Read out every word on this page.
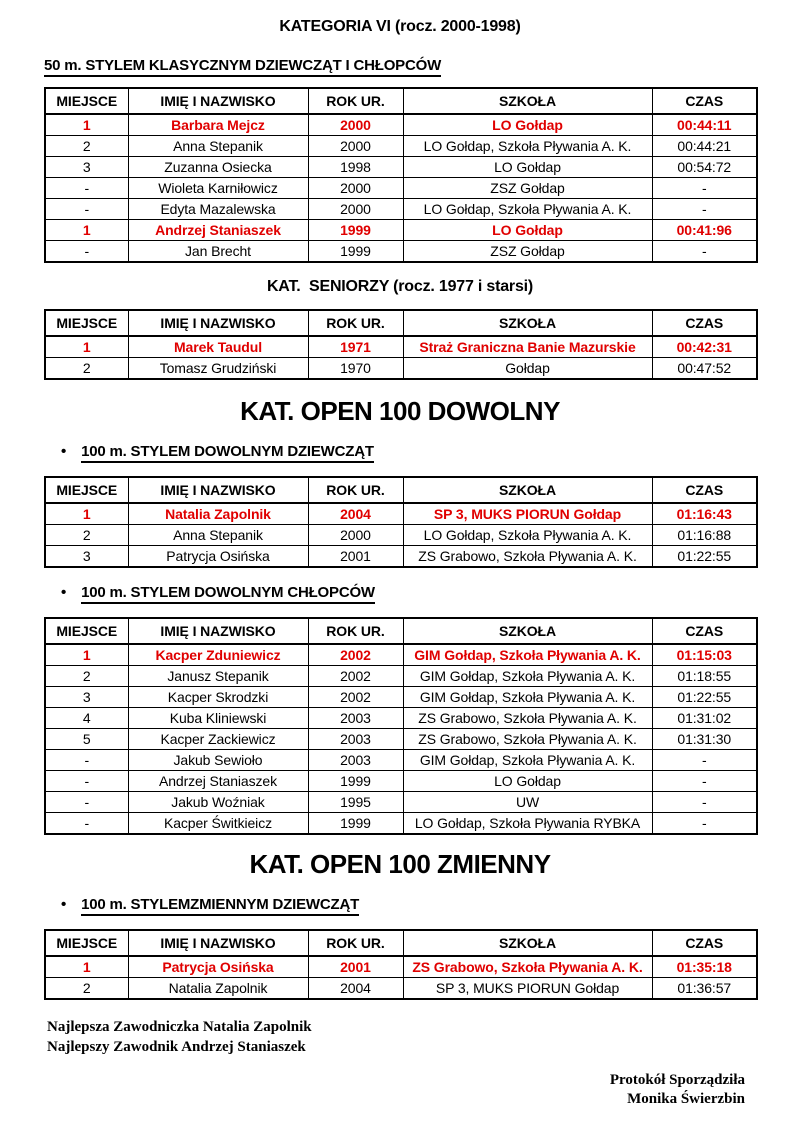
KATEGORIA VI (rocz. 2000-1998)
50 m. STYLEM KLASYCZNYM DZIEWCZĄT I CHŁOPCÓW
MIEJSCE	IMIĘ I NAZWISKO	ROK UR.	SZKOŁA	CZAS
1	Barbara Mejcz	2000	LO Gołdap	00:44:11
2	Anna Stepanik	2000	LO Gołdap, Szkoła Pływania A. K.	00:44:21
3	Zuzanna Osiecka	1998	LO Gołdap	00:54:72
-	Wioleta Karniłowicz	2000	ZSZ Gołdap	-
-	Edyta Mazalewska	2000	LO Gołdap, Szkoła Pływania A. K.	-
1	Andrzej Staniaszek	1999	LO Gołdap	00:41:96
-	Jan Brecht	1999	ZSZ Gołdap	-
KAT.  SENIORZY (rocz. 1977 i starsi)
MIEJSCE	IMIĘ I NAZWISKO	ROK UR.	SZKOŁA	CZAS
1	Marek Taudul	1971	Straż Graniczna Banie Mazurskie	00:42:31
2	Tomasz Grudziński	1970	Gołdap	00:47:52
KAT. OPEN 100 DOWOLNY
• 100 m. STYLEM DOWOLNYM DZIEWCZĄT
MIEJSCE	IMIĘ I NAZWISKO	ROK UR.	SZKOŁA	CZAS
1	Natalia Zapolnik	2004	SP 3, MUKS PIORUN Gołdap	01:16:43
2	Anna Stepanik	2000	LO Gołdap, Szkoła Pływania A. K.	01:16:88
3	Patrycja Osińska	2001	ZS Grabowo, Szkoła Pływania A. K.	01:22:55
• 100 m. STYLEM DOWOLNYM CHŁOPCÓW
MIEJSCE	IMIĘ I NAZWISKO	ROK UR.	SZKOŁA	CZAS
1	Kacper Zduniewicz	2002	GIM Gołdap, Szkoła Pływania A. K.	01:15:03
2	Janusz Stepanik	2002	GIM Gołdap, Szkoła Pływania A. K.	01:18:55
3	Kacper Skrodzki	2002	GIM Gołdap, Szkoła Pływania A. K.	01:22:55
4	Kuba Kliniewski	2003	ZS Grabowo, Szkoła Pływania A. K.	01:31:02
5	Kacper Zackiewicz	2003	ZS Grabowo, Szkoła Pływania A. K.	01:31:30
-	Jakub Sewioło	2003	GIM Gołdap, Szkoła Pływania A. K.	-
-	Andrzej Staniaszek	1999	LO Gołdap	-
-	Jakub Woźniak	1995	UW	-
-	Kacper Świtkieicz	1999	LO Gołdap, Szkoła Pływania RYBKA	-
KAT. OPEN 100 ZMIENNY
• 100 m. STYLEMZMIENNYM DZIEWCZĄT
MIEJSCE	IMIĘ I NAZWISKO	ROK UR.	SZKOŁA	CZAS
1	Patrycja Osińska	2001	ZS Grabowo, Szkoła Pływania A. K.	01:35:18
2	Natalia Zapolnik	2004	SP 3, MUKS PIORUN Gołdap	01:36:57
Najlepsza Zawodniczka Natalia Zapolnik
Najlepszy Zawodnik Andrzej Staniaszek
Protokół Sporządziła
Monika Świerzbin
